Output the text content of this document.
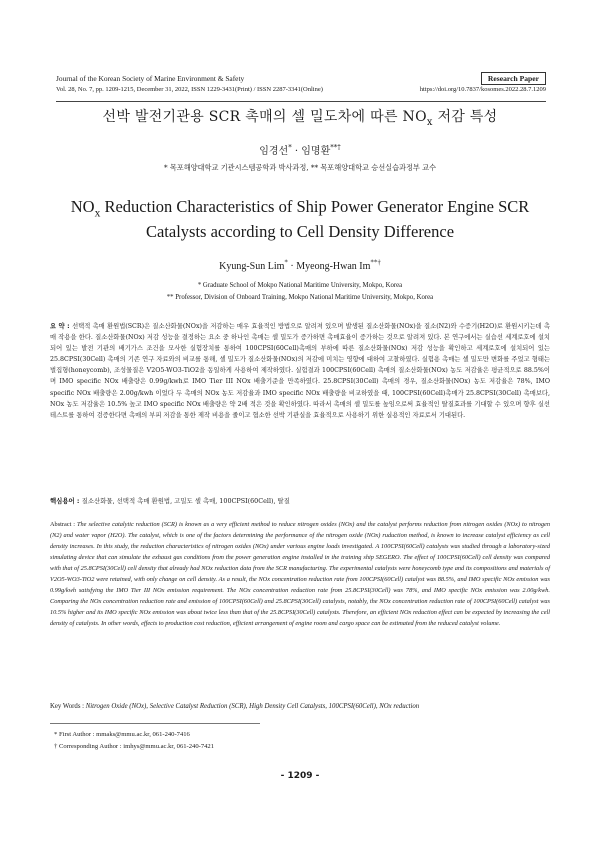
Journal of the Korean Society of Marine Environment & Safety	Research Paper
Vol. 28, No. 7, pp. 1209-1215, December 31, 2022, ISSN 1229-3431(Print) / ISSN 2287-3341(Online)	https://doi.org/10.7837/kosomes.2022.28.7.1209
선박 발전기관용 SCR 촉매의 셀 밀도차에 따른 $NO_x$ 저감 특성
임경선* · 임명환**†
* 목포해양대학교 기관시스템공학과 박사과정, ** 목포해양대학교 승선실습과정부 교수
$NO_x$ Reduction Characteristics of Ship Power Generator Engine SCR
Catalysts according to Cell Density Difference
Kyung-Sun Lim* · Myeong-Hwan Im**†
* Graduate School of Mokpo National Maritime University, Mokpo, Korea
** Professor, Division of Onboard Training, Mokpo National Maritime University, Mokpo, Korea
요 약 : 선택적 촉매 환원법(SCR)은 질소산화물(NOx)을 저감하는 매우 효율적인 방법으로 알려져 있으며 발생된 질소산화물(NOx)을 질소(N2)와 수증기(H2O)로 환원시키는데 촉매 작용을 한다. 질소산화물(NOx) 저감 성능을 결정하는 요소 중 하나인 촉매는 셀 밀도가 증가하면 촉매효율이 증가하는 것으로 알려져 있다. 본 연구에서는 실습선 세계로호에 설치되어 있는 발전 기관의 배기가스 조건을 모사한 실험장치를 통하여 100CPSI(60Cell)촉매의 부하에 따른 질소산화물(NOx) 저감 성능을 확인하고 세계로호에 설치되어 있는 25.8CPSI(30Cell) 촉매의 기존 연구 자료와의 비교를 통해, 셀 밀도가 질소산화물(NOx)의 저감에 미치는 영향에 대하여 고찰하였다. 실험용 촉매는 셀 밀도만 변화를 주었고 형태는 벌집형(honeycomb), 조성물질은 V2O5-WO3-TiO2을 동일하게 사용하여 제작하였다. 실험결과 100CPSI(60Cell) 촉매의 질소산화물(NOx) 농도 저감율은 평균적으로 88.5%이며 IMO specific NOx 배출량은 0.99g/kwh로 IMO Tier III NOx 배출기준을 만족하였다. 25.8CPSI(30Cell) 촉매의 경우, 질소산화물(NOx) 농도 저감율은 78%, IMO specific NOx 배출량은 2.00g/kwh 이었다 두 촉매의 NOx 농도 저감율과 IMO specific NOx 배출량을 비교하였을 때, 100CPSI(60Cell)촉매가 25.8CPSI(30Cell) 촉매보다, NOx 농도 저감율은 10.5% 높고 IMO specific NOx 배출량은 약 2배 적은 것을 확인하였다. 따라서 촉매의 셀 밀도를 높임으로써 효율적인 탈질효과를 기대할 수 있으며 향후 실선 테스트를 통하여 검증한다면 촉매의 부피 저감을 통한 제작 비용을 줄이고 협소한 선박 기관실을 효율적으로 사용하기 위한 실용적인 자료로서 기대된다.
핵심용어 : 질소산화물, 선택적 촉매 환원법, 고밀도 셀 촉매, 100CPSI(60Cell), 탈질
Abstract : The selective catalytic reduction (SCR) is known as a very efficient method to reduce nitrogen oxides (NOx) and the catalyst performs reduction from nitrogen oxides (NOx) to nitrogen (N2) and water vapor (H2O). The catalyst, which is one of the factors determining the performance of the nitrogen oxide (NOx) ruduction method, is known to increase catalyst efficiency as cell density increases. In this study, the reduction characteristics of nitrogen oxides (NOx) under various engine loads investigated. A 100CPSI(60Cell) catalysts was studied through a laboratory-sized simulating device that can simulate the exhaust gas conditions from the power generation engine installed in the training ship SEGERO. The effect of 100CPSI(60Cell) cell density was compared with that of 25.8CPSI(30Cell) cell density that already had NOx reduction data from the SCR manufacturing. The experimental catalysts were honeycomb type and its compositions and materials of V2O5-WO3-TiO2 were retained, with only change on cell density. As a result, the NOx concentration reduction rate from 100CPSI(60Cell) catalyst was 88.5%, and IMO specific NOx emission was 0.99g/kwh satisfying the IMO Tier III NOx emission requirement. The NOx concentration reduction rate from 25.8CPSI(30Cell) was 78%, and IMO specific NOx emission was 2.00g/kwh. Comparing the NOx concentration reduction rate and emission of 100CPSI(60Cell) and 25.8CPSI(30Cell) catalysts, notably, the NOx concentration reduction rate of 100CPSI(60Cell) catalyst was 10.5% higher and its IMO specific NOx emission was about twice less than that of the 25.8CPSI(30Cell) catalysts. Therefore, an efficient NOx reduction effect can be expected by increasing the cell density of catalysts. In other words, effects to production cost reduction, efficient arrangement of engine room and cargo space can be estimated from the reduced catalyst volume.
Key Words : Nitrogen Oxide (NOx), Selective Catalyst Reduction (SCR), High Density Cell Catalysts, 100CPSI(60Cell), NOx reduction
* First Author : mmaks@mmu.ac.kr, 061-240-7416
† Corresponding Author : imhys@mmu.ac.kr, 061-240-7421
- 1209 -
